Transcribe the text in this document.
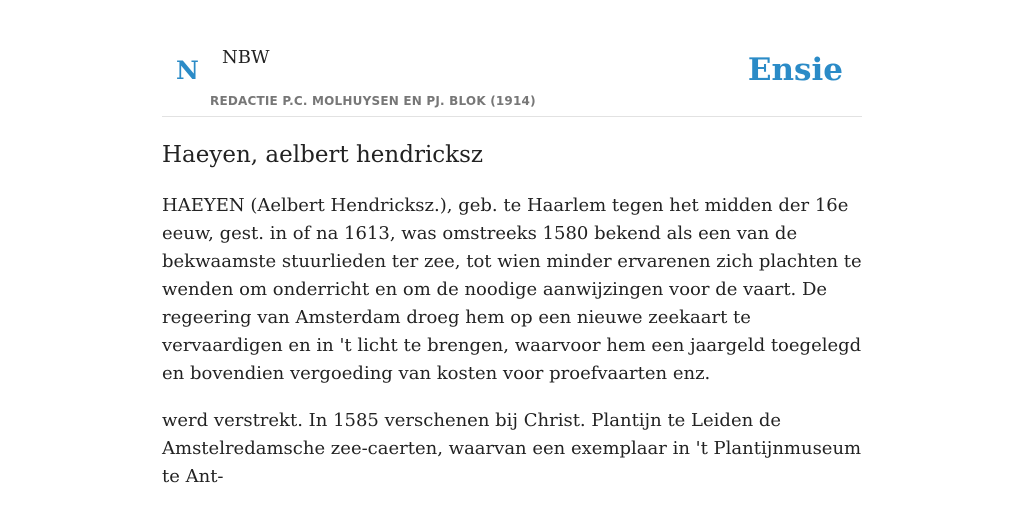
N NBW	Ensie
REDACTIE P.C. MOLHUYSEN EN PJ. BLOK (1914)
Haeyen, aelbert hendricksz

HAEYEN (Aelbert Hendricksz.), geb. te Haarlem tegen het midden der 16e eeuw, gest. in of na 1613, was omstreeks 1580 bekend als een van de bekwaamste stuurlieden ter zee, tot wien minder ervarenen zich plachten te wenden om onderricht en om de noodige aanwijzingen voor de vaart. De regeering van Amsterdam droeg hem op een nieuwe zeekaart te vervaardigen en in 't licht te brengen, waarvoor hem een jaargeld toegelegd en bovendien vergoeding van kosten voor proefvaarten enz.

werd verstrekt. In 1585 verschenen bij Christ. Plantijn te Leiden de Amstelredamsche zee-caerten, waarvan een exemplaar in 't Plantijnmuseum te Ant-
